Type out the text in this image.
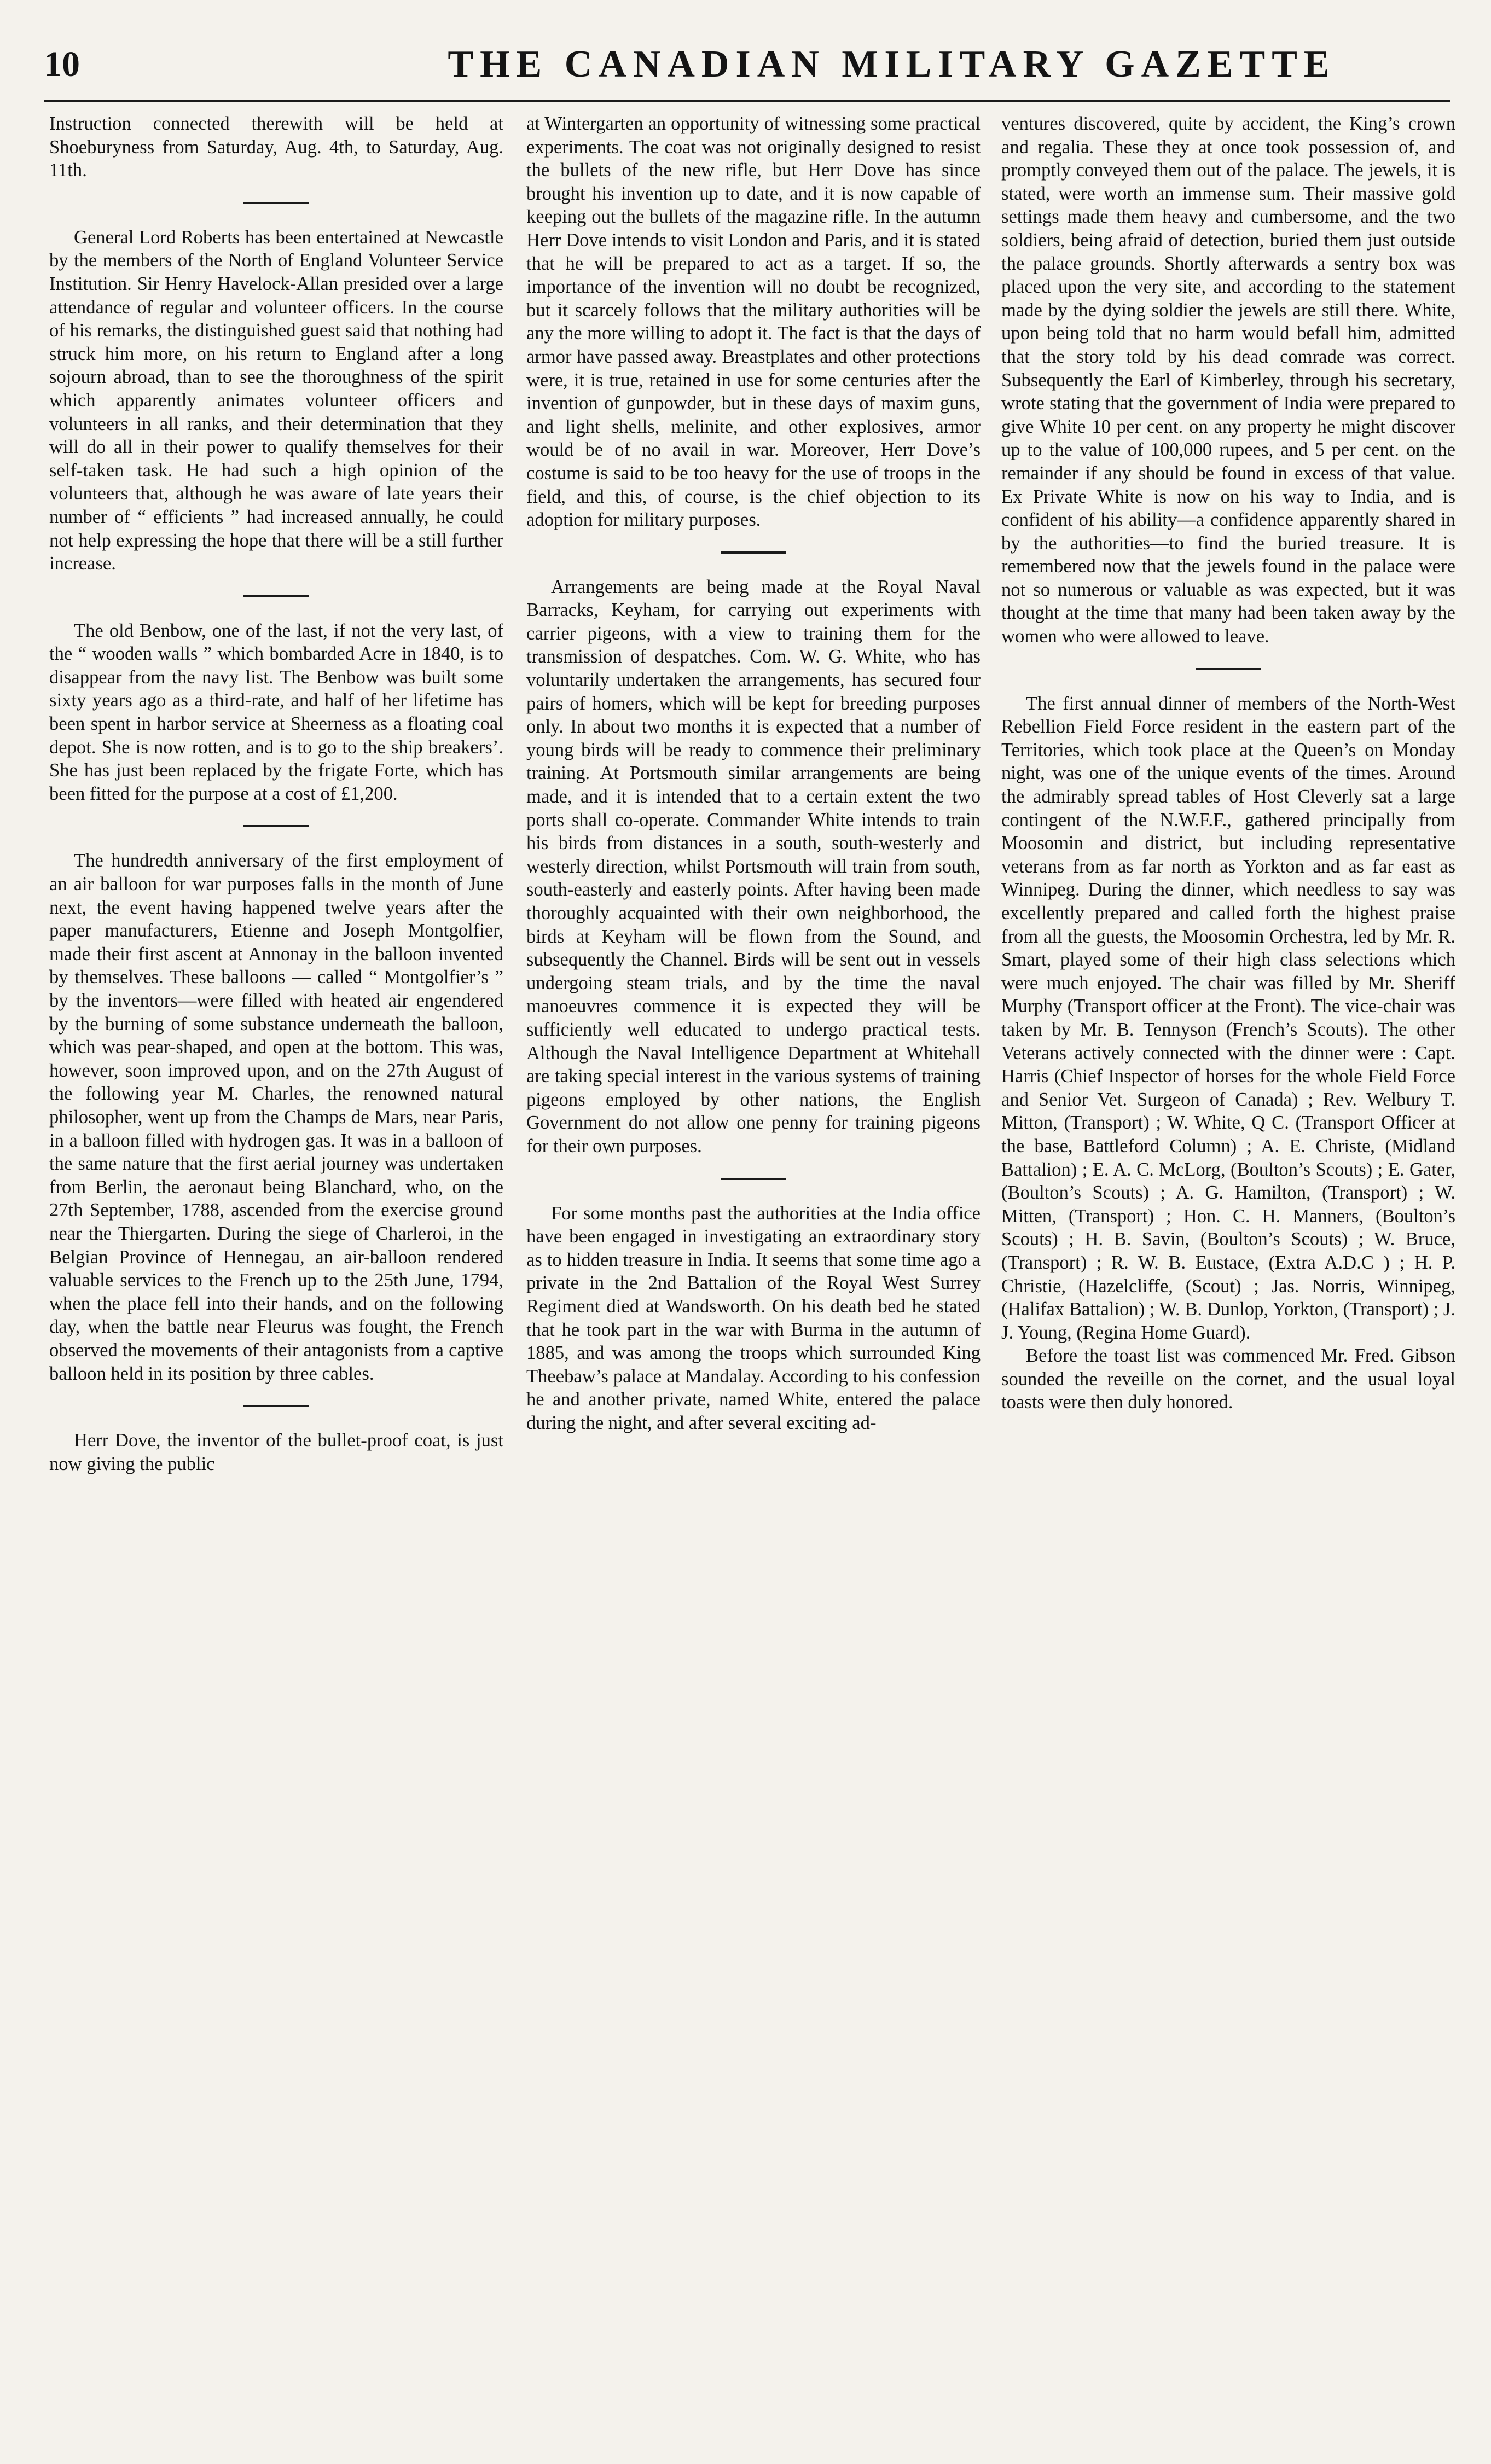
10	THE CANADIAN MILITARY GAZETTE

Instruction connected therewith will be held at Shoeburyness from Saturday, Aug. 4th, to Saturday, Aug. 11th.

General Lord Roberts has been entertained at Newcastle by the members of the North of England Volunteer Service Institution. Sir Henry Havelock-Allan presided over a large attendance of regular and volunteer officers. In the course of his remarks, the distinguished guest said that nothing had struck him more, on his return to England after a long sojourn abroad, than to see the thoroughness of the spirit which apparently animates volunteer officers and volunteers in all ranks, and their determination that they will do all in their power to qualify themselves for their self-taken task. He had such a high opinion of the volunteers that, although he was aware of late years their number of “ efficients ” had increased annually, he could not help expressing the hope that there will be a still further increase.

The old Benbow, one of the last, if not the very last, of the “ wooden walls ” which bombarded Acre in 1840, is to disappear from the navy list. The Benbow was built some sixty years ago as a third-rate, and half of her lifetime has been spent in harbor service at Sheerness as a floating coal depot. She is now rotten, and is to go to the ship breakers’. She has just been replaced by the frigate Forte, which has been fitted for the purpose at a cost of £1,200.

The hundredth anniversary of the first employment of an air balloon for war purposes falls in the month of June next, the event having happened twelve years after the paper manufacturers, Etienne and Joseph Montgolfier, made their first ascent at Annonay in the balloon invented by themselves. These balloons — called “ Montgolfier’s ” by the inventors—were filled with heated air engendered by the burning of some substance underneath the balloon, which was pear-shaped, and open at the bottom. This was, however, soon improved upon, and on the 27th August of the following year M. Charles, the renowned natural philosopher, went up from the Champs de Mars, near Paris, in a balloon filled with hydrogen gas. It was in a balloon of the same nature that the first aerial journey was undertaken from Berlin, the aeronaut being Blanchard, who, on the 27th September, 1788, ascended from the exercise ground near the Thiergarten. During the siege of Charleroi, in the Belgian Province of Hennegau, an air-balloon rendered valuable services to the French up to the 25th June, 1794, when the place fell into their hands, and on the following day, when the battle near Fleurus was fought, the French observed the movements of their antagonists from a captive balloon held in its position by three cables.

Herr Dove, the inventor of the bullet-proof coat, is just now giving the public

at Wintergarten an opportunity of witnessing some practical experiments. The coat was not originally designed to resist the bullets of the new rifle, but Herr Dove has since brought his invention up to date, and it is now capable of keeping out the bullets of the magazine rifle. In the autumn Herr Dove intends to visit London and Paris, and it is stated that he will be prepared to act as a target. If so, the importance of the invention will no doubt be recognized, but it scarcely follows that the military authorities will be any the more willing to adopt it. The fact is that the days of armor have passed away. Breastplates and other protections were, it is true, retained in use for some centuries after the invention of gunpowder, but in these days of maxim guns, and light shells, melinite, and other explosives, armor would be of no avail in war. Moreover, Herr Dove’s costume is said to be too heavy for the use of troops in the field, and this, of course, is the chief objection to its adoption for military purposes.

Arrangements are being made at the Royal Naval Barracks, Keyham, for carrying out experiments with carrier pigeons, with a view to training them for the transmission of despatches. Com. W. G. White, who has voluntarily undertaken the arrangements, has secured four pairs of homers, which will be kept for breeding purposes only. In about two months it is expected that a number of young birds will be ready to commence their preliminary training. At Portsmouth similar arrangements are being made, and it is intended that to a certain extent the two ports shall co-operate. Commander White intends to train his birds from distances in a south, south-westerly and westerly direction, whilst Portsmouth will train from south, south-easterly and easterly points. After having been made thoroughly acquainted with their own neighborhood, the birds at Keyham will be flown from the Sound, and subsequently the Channel. Birds will be sent out in vessels undergoing steam trials, and by the time the naval manoeuvres commence it is expected they will be sufficiently well educated to undergo practical tests. Although the Naval Intelligence Department at Whitehall are taking special interest in the various systems of training pigeons employed by other nations, the English Government do not allow one penny for training pigeons for their own purposes.

For some months past the authorities at the India office have been engaged in investigating an extraordinary story as to hidden treasure in India. It seems that some time ago a private in the 2nd Battalion of the Royal West Surrey Regiment died at Wandsworth. On his death bed he stated that he took part in the war with Burma in the autumn of 1885, and was among the troops which surrounded King Theebaw’s palace at Mandalay. According to his confession he and another private, named White, entered the palace during the night, and after several exciting ad-

ventures discovered, quite by accident, the King’s crown and regalia. These they at once took possession of, and promptly conveyed them out of the palace. The jewels, it is stated, were worth an immense sum. Their massive gold settings made them heavy and cumbersome, and the two soldiers, being afraid of detection, buried them just outside the palace grounds. Shortly afterwards a sentry box was placed upon the very site, and according to the statement made by the dying soldier the jewels are still there. White, upon being told that no harm would befall him, admitted that the story told by his dead comrade was correct. Subsequently the Earl of Kimberley, through his secretary, wrote stating that the government of India were prepared to give White 10 per cent. on any property he might discover up to the value of 100,000 rupees, and 5 per cent. on the remainder if any should be found in excess of that value. Ex Private White is now on his way to India, and is confident of his ability—a confidence apparently shared in by the authorities—to find the buried treasure. It is remembered now that the jewels found in the palace were not so numerous or valuable as was expected, but it was thought at the time that many had been taken away by the women who were allowed to leave.

The first annual dinner of members of the North-West Rebellion Field Force resident in the eastern part of the Territories, which took place at the Queen’s on Monday night, was one of the unique events of the times. Around the admirably spread tables of Host Cleverly sat a large contingent of the N.W.F.F., gathered principally from Moosomin and district, but including representative veterans from as far north as Yorkton and as far east as Winnipeg. During the dinner, which needless to say was excellently prepared and called forth the highest praise from all the guests, the Moosomin Orchestra, led by Mr. R. Smart, played some of their high class selections which were much enjoyed. The chair was filled by Mr. Sheriff Murphy (Transport officer at the Front). The vice-chair was taken by Mr. B. Tennyson (French’s Scouts). The other Veterans actively connected with the dinner were : Capt. Harris (Chief Inspector of horses for the whole Field Force and Senior Vet. Surgeon of Canada) ; Rev. Welbury T. Mitton, (Transport) ; W. White, Q C. (Transport Officer at the base, Battleford Column) ; A. E. Christe, (Midland Battalion) ; E. A. C. McLorg, (Boulton’s Scouts) ; E. Gater, (Boulton’s Scouts) ; A. G. Hamilton, (Transport) ; W. Mitten, (Transport) ; Hon. C. H. Manners, (Boulton’s Scouts) ; H. B. Savin, (Boulton’s Scouts) ; W. Bruce, (Transport) ; R. W. B. Eustace, (Extra A.D.C ) ; H. P. Christie, (Hazelcliffe, (Scout) ; Jas. Norris, Winnipeg, (Halifax Battalion) ; W. B. Dunlop, Yorkton, (Transport) ; J. J. Young, (Regina Home Guard).

Before the toast list was commenced Mr. Fred. Gibson sounded the reveille on the cornet, and the usual loyal toasts were then duly honored.
